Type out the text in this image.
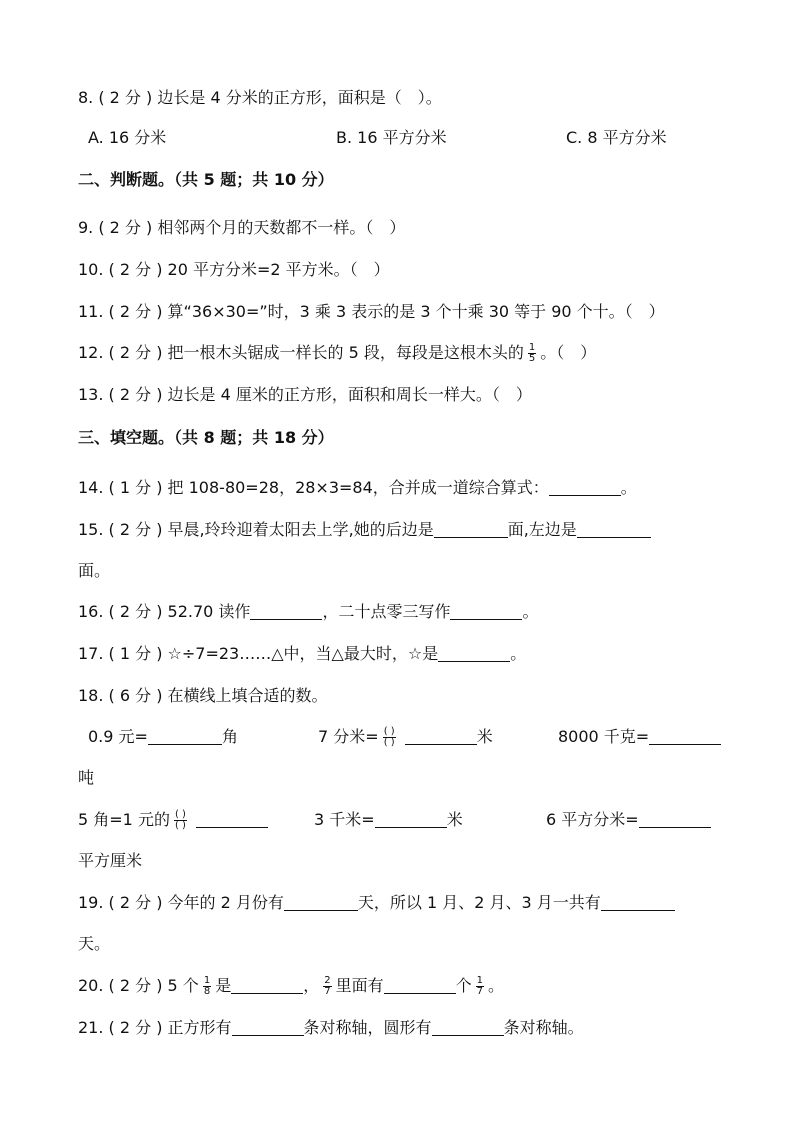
8. ( 2 分 ) 边长是 4 分米的正方形，面积是（　）。
A. 16 分米	B. 16 平方分米	C. 8 平方分米
二、判断题。（共 5 题；共 10 分）
9. ( 2 分 ) 相邻两个月的天数都不一样。（　）
10. ( 2 分 ) 20 平方分米=2 平方米。（　）
11. ( 2 分 ) 算“36×30=”时，3 乘 3 表示的是 3 个十乘 30 等于 90 个十。（　）
12. ( 2 分 ) 把一根木头锯成一样长的 5 段，每段是这根木头的 $\frac{1}{5}$ 。（　）
13. ( 2 分 ) 边长是 4 厘米的正方形，面积和周长一样大。（　）
三、填空题。（共 8 题；共 18 分）
14. ( 1 分 ) 把 108-80=28，28×3=84，合并成一道综合算式：	。
15. ( 2 分 ) 早晨,玲玲迎着太阳去上学,她的后边是	面,左边是
面。
16. ( 2 分 ) 52.70 读作	，二十点零三写作	。
17. ( 1 分 ) ☆÷7=23……△中，当△最大时，☆是	。
18. ( 6 分 ) 在横线上填合适的数。
0.9 元=	角	7 分米= $\frac{( )}{( )}$	米	8000 千克=
吨
5 角=1 元的 $\frac{( )}{( )}$
	3 千米=	米	6 平方分米=
平方厘米
19. ( 2 分 ) 今年的 2 月份有	天，所以 1 月、2 月、3 月一共有
天。
20. ( 2 分 ) 5 个 $\frac{1}{8}$ 是	， $\frac{2}{7}$ 里面有	个 $\frac{1}{7}$ 。
21. ( 2 分 ) 正方形有	条对称轴，圆形有	条对称轴。
